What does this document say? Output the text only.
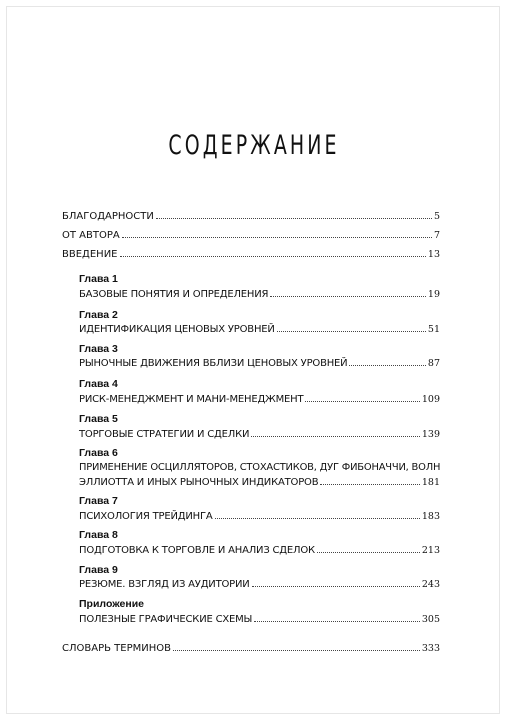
СОДЕРЖАНИЕ
БЛАГОДАРНОСТИ	5
ОТ АВТОРА	7
ВВЕДЕНИЕ	13
Глава 1
БАЗОВЫЕ ПОНЯТИЯ И ОПРЕДЕЛЕНИЯ	19
Глава 2
ИДЕНТИФИКАЦИЯ ЦЕНОВЫХ УРОВНЕЙ	51
Глава 3
РЫНОЧНЫЕ ДВИЖЕНИЯ ВБЛИЗИ ЦЕНОВЫХ УРОВНЕЙ	87
Глава 4
РИСК-МЕНЕДЖМЕНТ И МАНИ-МЕНЕДЖМЕНТ	109
Глава 5
ТОРГОВЫЕ СТРАТЕГИИ И СДЕЛКИ	139
Глава 6
ПРИМЕНЕНИЕ ОСЦИЛЛЯТОРОВ, СТОХАСТИКОВ, ДУГ ФИБОНАЧЧИ, ВОЛН
ЭЛЛИОТТА И ИНЫХ РЫНОЧНЫХ ИНДИКАТОРОВ	181
Глава 7
ПСИХОЛОГИЯ ТРЕЙДИНГА	183
Глава 8
ПОДГОТОВКА К ТОРГОВЛЕ И АНАЛИЗ СДЕЛОК	213
Глава 9
РЕЗЮМЕ. ВЗГЛЯД ИЗ АУДИТОРИИ	243
Приложение
ПОЛЕЗНЫЕ ГРАФИЧЕСКИЕ СХЕМЫ	305
СЛОВАРЬ ТЕРМИНОВ	333
